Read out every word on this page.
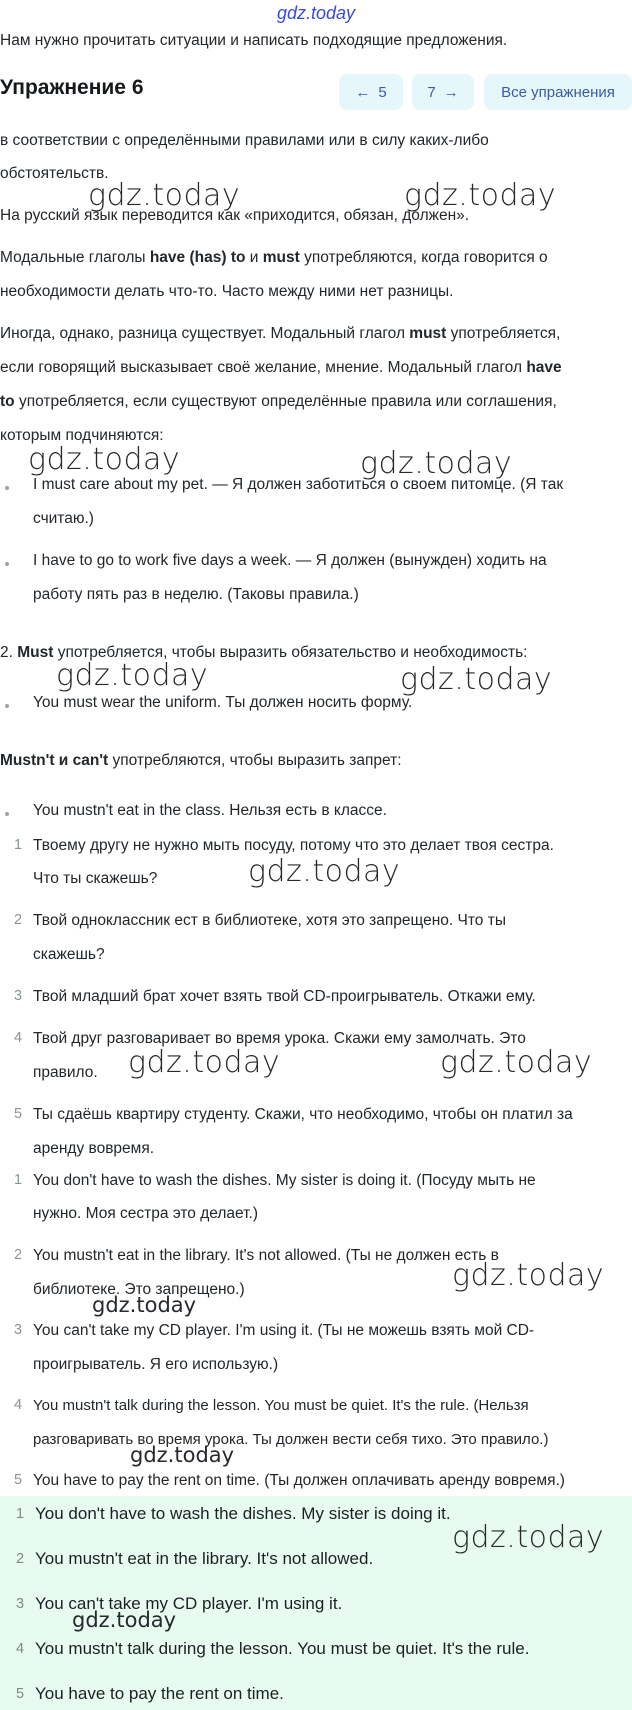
gdz.today
Нам нужно прочитать ситуации и написать подходящие предложения.
Упражнение 6	← 5	7 →	Все упражнения
в соответствии с определёнными правилами или в силу каких-либо
обстоятельств.
На русский язык переводится как «приходится, обязан, должен».
Модальные глаголы have (has) to и must употребляются, когда говорится о
необходимости делать что-то. Часто между ними нет разницы.
Иногда, однако, разница существует. Модальный глагол must употребляется,
если говорящий высказывает своё желание, мнение. Модальный глагол have
to употребляется, если существуют определённые правила или соглашения,
которым подчиняются:
I must care about my pet. — Я должен заботиться о своем питомце. (Я так
считаю.)
I have to go to work five days a week. — Я должен (вынужден) ходить на
работу пять раз в неделю. (Таковы правила.)
2. Must употребляется, чтобы выразить обязательство и необходимость:
You must wear the uniform. Ты должен носить форму.
Mustn't и can't употребляются, чтобы выразить запрет:
You mustn't eat in the class. Нельзя есть в классе.
1 Твоему другу не нужно мыть посуду, потому что это делает твоя сестра.
Что ты скажешь?
2 Твой одноклассник ест в библиотеке, хотя это запрещено. Что ты
скажешь?
3 Твой младший брат хочет взять твой CD-проигрыватель. Откажи ему.
4 Твой друг разговаривает во время урока. Скажи ему замолчать. Это
правило.
5 Ты сдаёшь квартиру студенту. Скажи, что необходимо, чтобы он платил за
аренду вовремя.
1 You don't have to wash the dishes. My sister is doing it. (Посуду мыть не
нужно. Моя сестра это делает.)
2 You mustn't eat in the library. It's not allowed. (Ты не должен есть в
библиотеке. Это запрещено.)
3 You can't take my CD player. I'm using it. (Ты не можешь взять мой CD-
проигрыватель. Я его использую.)
4 You mustn't talk during the lesson. You must be quiet. It's the rule. (Нельзя
разговаривать во время урока. Ты должен вести себя тихо. Это правило.)
5 You have to pay the rent on time. (Ты должен оплачивать аренду вовремя.)
1 You don't have to wash the dishes. My sister is doing it.
2 You mustn't eat in the library. It's not allowed.
3 You can't take my CD player. I'm using it.
4 You mustn't talk during the lesson. You must be quiet. It's the rule.
5 You have to pay the rent on time.
gdz.today	gdz.today
gdz.today	gdz.today
gdz.today	gdz.today
gdz.today
gdz.today	gdz.today
gdz.today
gdz.today
gdz.today
gdz.today
gdz.today
